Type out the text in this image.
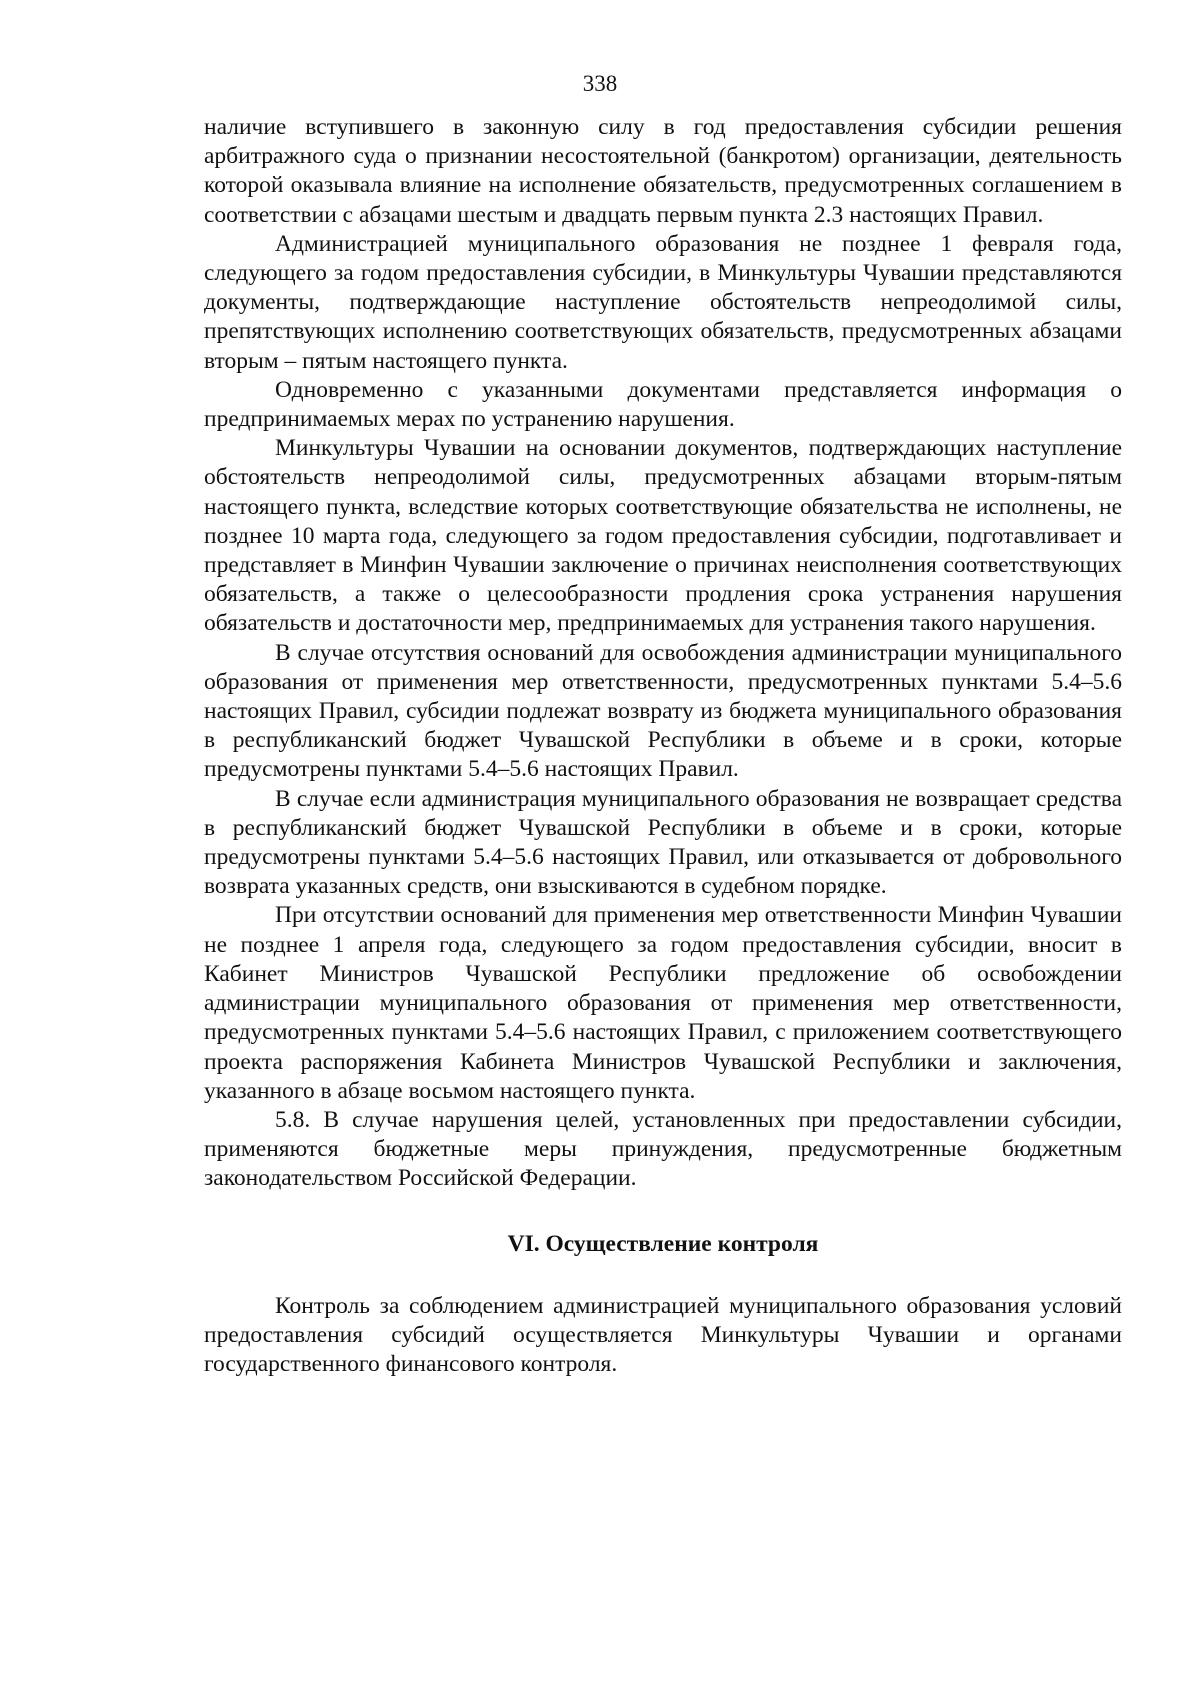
338

наличие вступившего в законную силу в год предоставления субсидии решения арбитражного суда о признании несостоятельной (банкротом) организации, деятельность которой оказывала влияние на исполнение обязательств, предусмотренных соглашением в соответствии с абзацами шестым и двадцать первым пункта 2.3 настоящих Правил.

Администрацией муниципального образования не позднее 1 февраля года, следующего за годом предоставления субсидии, в Минкультуры Чувашии представляются документы, подтверждающие наступление обстоятельств непреодолимой силы, препятствующих исполнению соответствующих обязательств, предусмотренных абзацами вторым – пятым настоящего пункта.

Одновременно с указанными документами представляется информация о предпринимаемых мерах по устранению нарушения.

Минкультуры Чувашии на основании документов, подтверждающих наступление обстоятельств непреодолимой силы, предусмотренных абзацами вторым-пятым настоящего пункта, вследствие которых соответствующие обязательства не исполнены, не позднее 10 марта года, следующего за годом предоставления субсидии, подготавливает и представляет в Минфин Чувашии заключение о причинах неисполнения соответствующих обязательств, а также о целесообразности продления срока устранения нарушения обязательств и достаточности мер, предпринимаемых для устранения такого нарушения.

В случае отсутствия оснований для освобождения администрации муниципального образования от применения мер ответственности, предусмотренных пунктами 5.4–5.6 настоящих Правил, субсидии подлежат возврату из бюджета муниципального образования в республиканский бюджет Чувашской Республики в объеме и в сроки, которые предусмотрены пунктами 5.4–5.6 настоящих Правил.

В случае если администрация муниципального образования не возвращает средства в республиканский бюджет Чувашской Республики в объеме и в сроки, которые предусмотрены пунктами 5.4–5.6 настоящих Правил, или отказывается от добровольного возврата указанных средств, они взыскиваются в судебном порядке.

При отсутствии оснований для применения мер ответственности Минфин Чувашии не позднее 1 апреля года, следующего за годом предоставления субсидии, вносит в Кабинет Министров Чувашской Республики предложение об освобождении администрации муниципального образования от применения мер ответственности, предусмотренных пунктами 5.4–5.6 настоящих Правил, с приложением соответствующего проекта распоряжения Кабинета Министров Чувашской Республики и заключения, указанного в абзаце восьмом настоящего пункта.

5.8. В случае нарушения целей, установленных при предоставлении субсидии, применяются бюджетные меры принуждения, предусмотренные бюджетным законодательством Российской Федерации.

VI. Осуществление контроля

Контроль за соблюдением администрацией муниципального образования условий предоставления субсидий осуществляется Минкультуры Чувашии и органами государственного финансового контроля.
